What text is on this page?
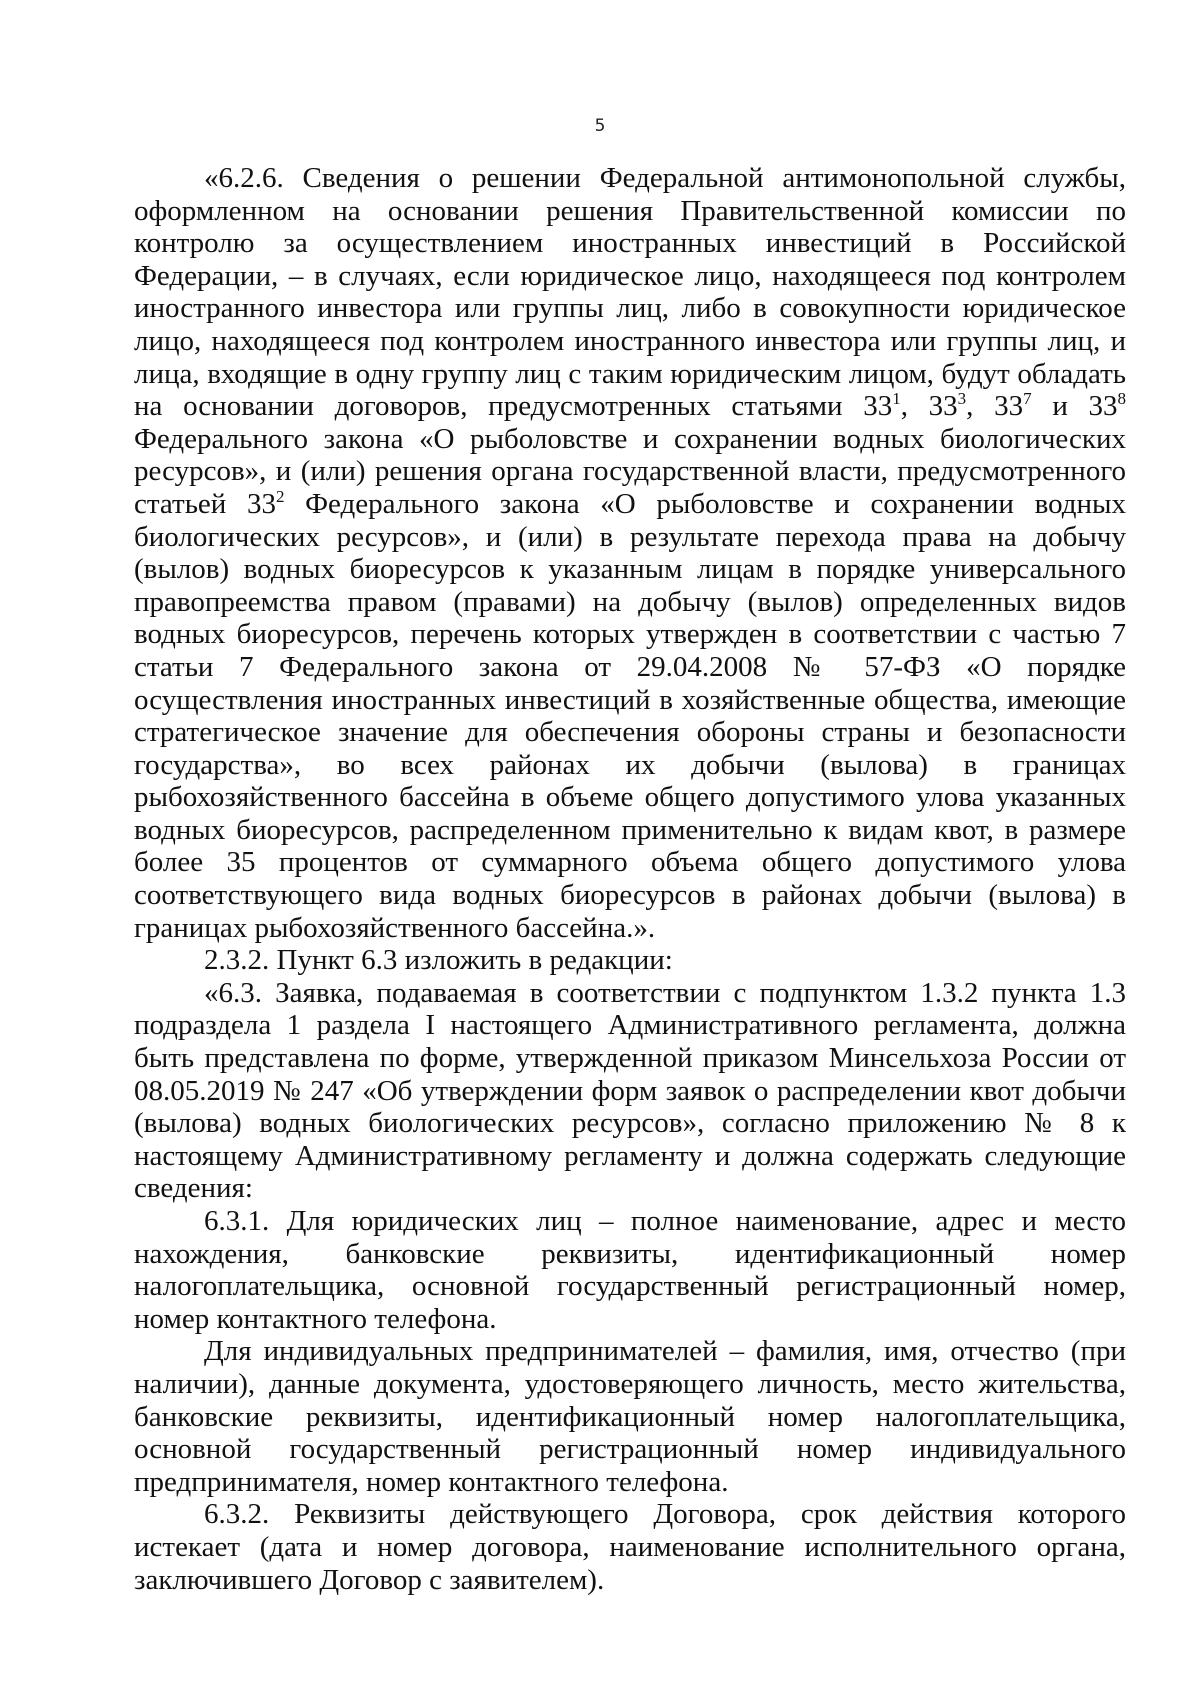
5

«6.2.6. Сведения о решении Федеральной антимонопольной службы, оформленном на основании решения Правительственной комиссии по контролю за осуществлением иностранных инвестиций в Российской Федерации, – в случаях, если юридическое лицо, находящееся под контролем иностранного инвестора или группы лиц, либо в совокупности юридическое лицо, находящееся под контролем иностранного инвестора или группы лиц, и лица, входящие в одну группу лиц с таким юридическим лицом, будут обладать на основании договоров, предусмотренных статьями $33^1$, $33^3$, $33^7$ и $33^8$ Федерального закона «О рыболовстве и сохранении водных биологических ресурсов», и (или) решения органа государственной власти, предусмотренного статьей $33^2$ Федерального закона «О рыболовстве и сохранении водных биологических ресурсов», и (или) в результате перехода права на добычу (вылов) водных биоресурсов к указанным лицам в порядке универсального правопреемства правом (правами) на добычу (вылов) определенных видов водных биоресурсов, перечень которых утвержден в соответствии с частью 7 статьи 7 Федерального закона от 29.04.2008 № 57-ФЗ «О порядке осуществления иностранных инвестиций в хозяйственные общества, имеющие стратегическое значение для обеспечения обороны страны и безопасности государства», во всех районах их добычи (вылова) в границах рыбохозяйственного бассейна в объеме общего допустимого улова указанных водных биоресурсов, распределенном применительно к видам квот, в размере более 35 процентов от суммарного объема общего допустимого улова соответствующего вида водных биоресурсов в районах добычи (вылова) в границах рыбохозяйственного бассейна.».

2.3.2. Пункт 6.3 изложить в редакции:

«6.3. Заявка, подаваемая в соответствии с подпунктом 1.3.2 пункта 1.3 подраздела 1 раздела I настоящего Административного регламента, должна быть представлена по форме, утвержденной приказом Минсельхоза России от 08.05.2019 № 247 «Об утверждении форм заявок о распределении квот добычи (вылова) водных биологических ресурсов», согласно приложению № 8 к настоящему Административному регламенту и должна содержать следующие сведения:

6.3.1. Для юридических лиц – полное наименование, адрес и место нахождения, банковские реквизиты, идентификационный номер налогоплательщика, основной государственный регистрационный номер, номер контактного телефона.

Для индивидуальных предпринимателей – фамилия, имя, отчество (при наличии), данные документа, удостоверяющего личность, место жительства, банковские реквизиты, идентификационный номер налогоплательщика, основной государственный регистрационный номер индивидуального предпринимателя, номер контактного телефона.

6.3.2. Реквизиты действующего Договора, срок действия которого истекает (дата и номер договора, наименование исполнительного органа, заключившего Договор с заявителем).
